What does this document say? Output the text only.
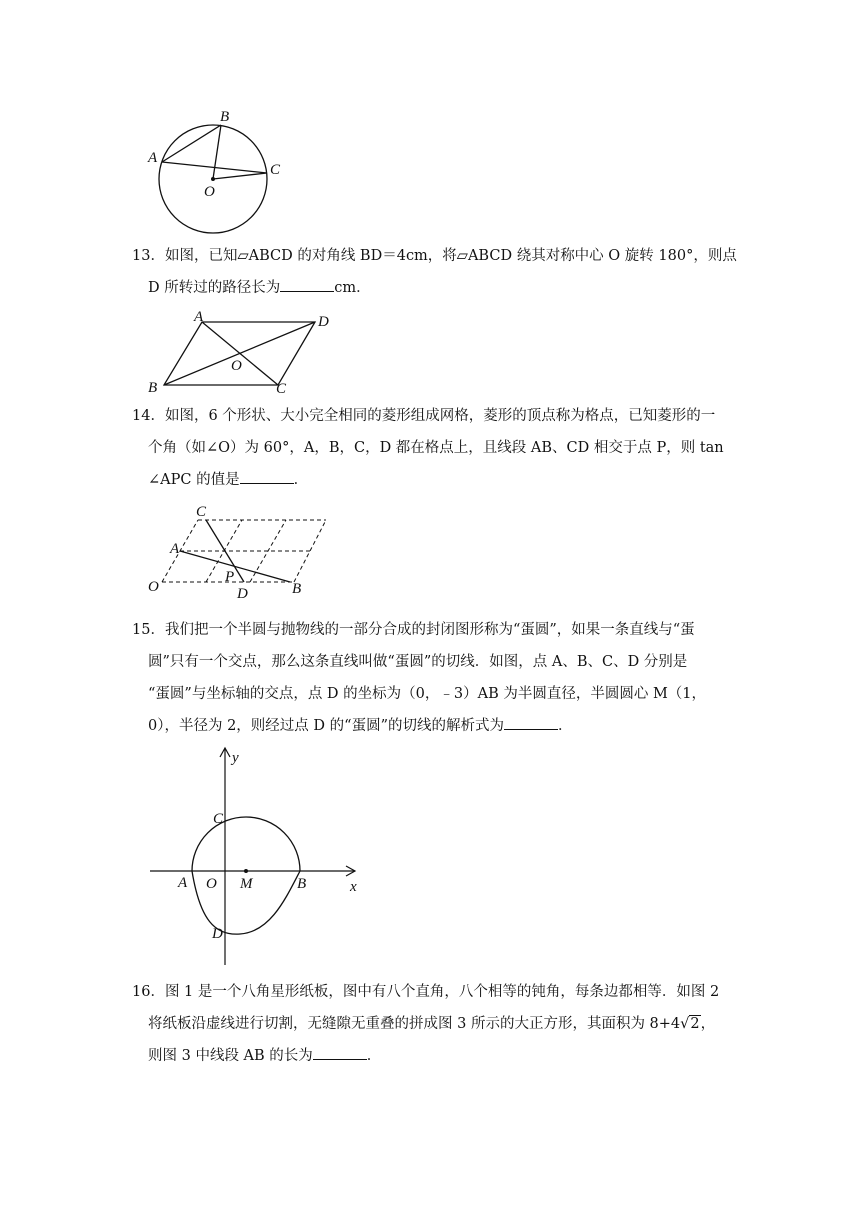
A
B
C
O
13．如图，已知▱ABCD 的对角线 BD＝4cm，将▱ABCD 绕其对称中心 O 旋转 180°，则点
D 所转过的路径长为	cm．
A	D
B	C
O
14．如图，6 个形状、大小完全相同的菱形组成网格，菱形的顶点称为格点，已知菱形的一
个角（如∠O）为 60°，A，B，C，D 都在格点上，且线段 AB、CD 相交于点 P，则 tan
∠APC 的值是	．
C
A
O
P
D	B
15．我们把一个半圆与抛物线的一部分合成的封闭图形称为“蛋圆”，如果一条直线与“蛋
圆”只有一个交点，那么这条直线叫做“蛋圆”的切线．如图，点 A、B、C、D 分别是
“蛋圆”与坐标轴的交点，点 D 的坐标为（0，﹣3）AB 为半圆直径，半圆圆心 M（1，
0），半径为 2，则经过点 D 的“蛋圆”的切线的解析式为	．
y
C
A O M	B	x
D
16．图 1 是一个八角星形纸板，图中有八个直角，八个相等的钝角，每条边都相等．如图 2
将纸板沿虚线进行切割，无缝隙无重叠的拼成图 3 所示的大正方形，其面积为 8+4√2，
则图 3 中线段 AB 的长为	．
